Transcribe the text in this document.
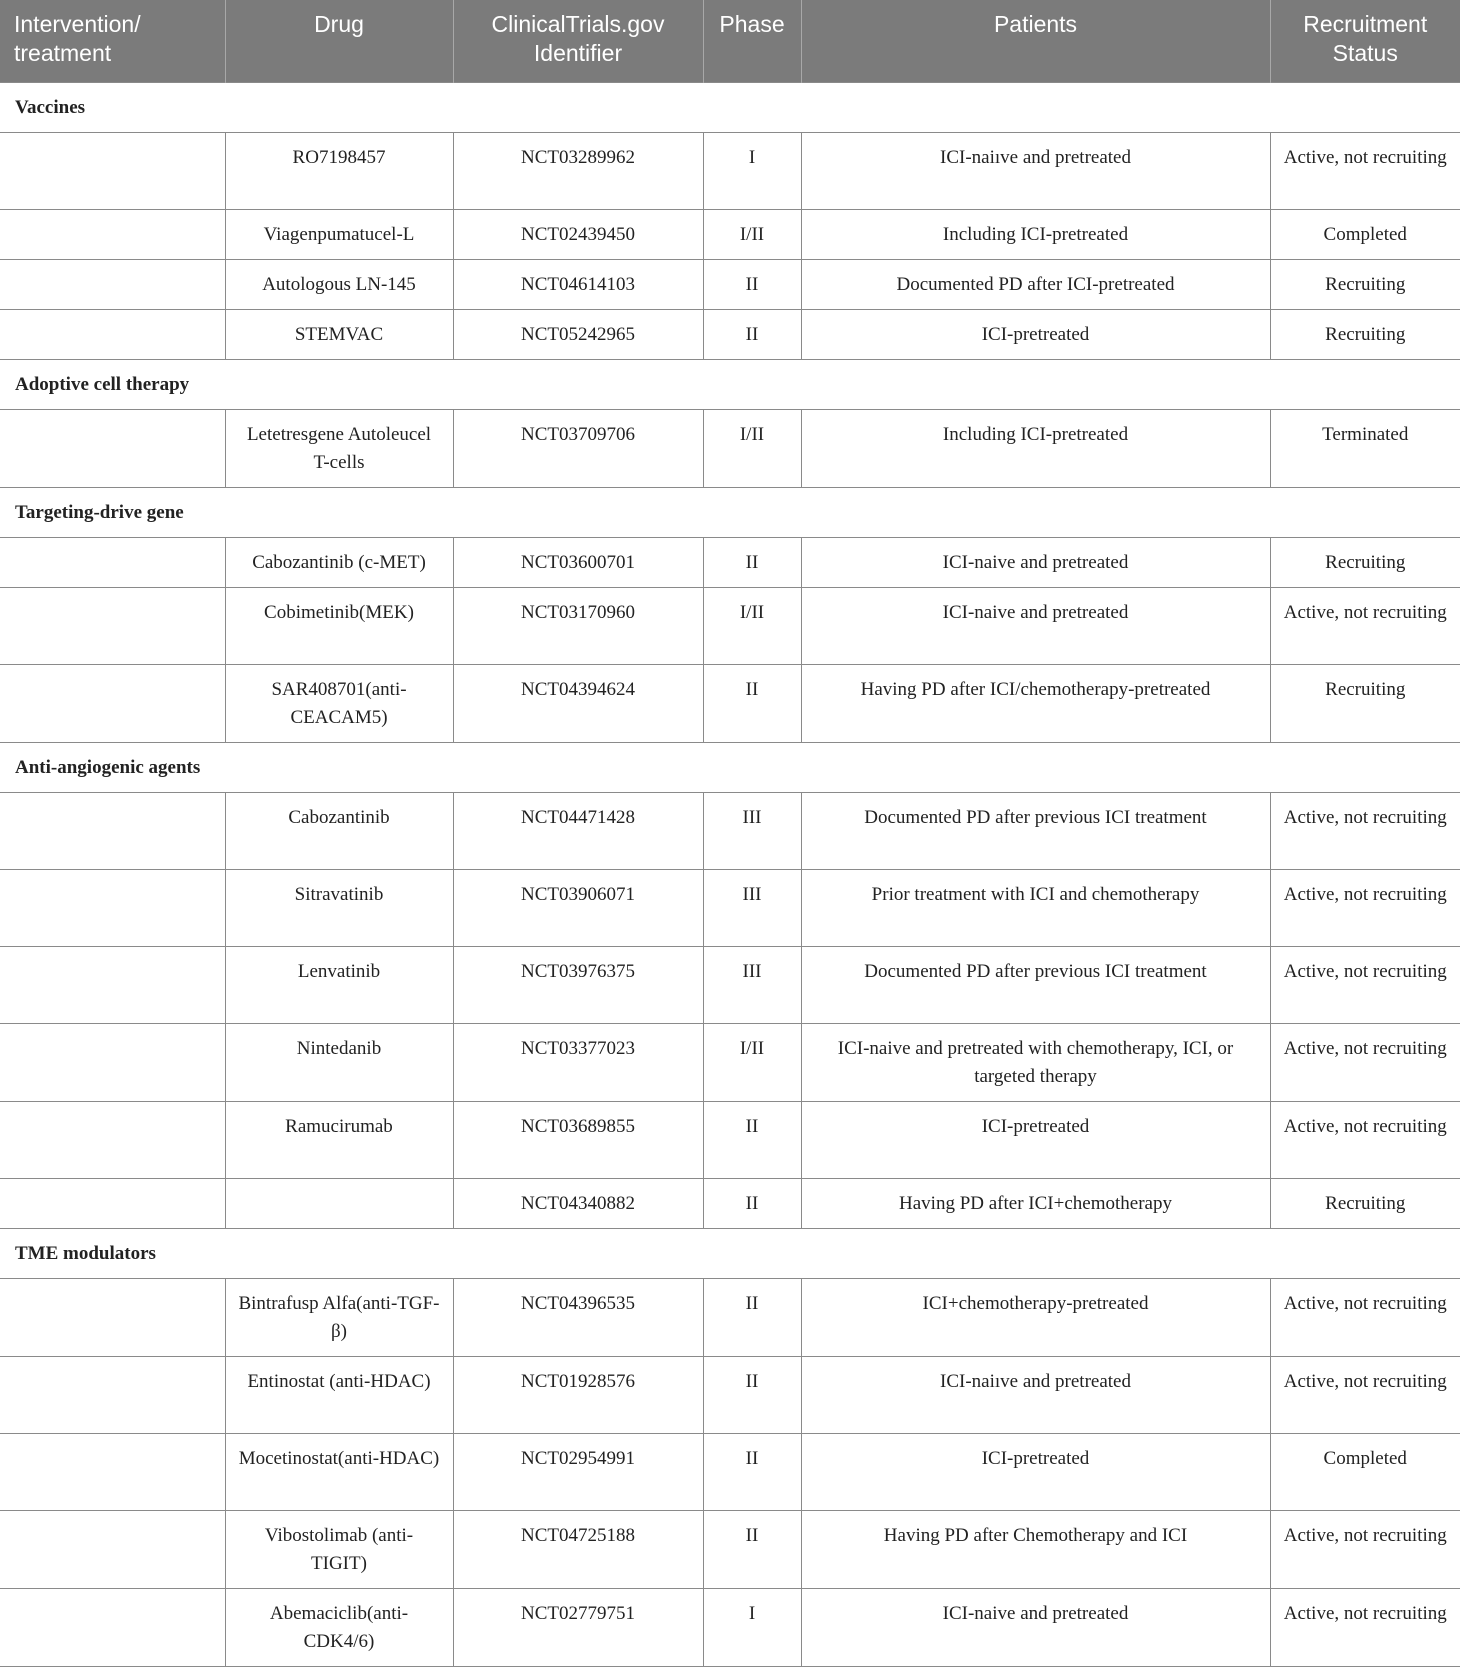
Intervention/ treatment	Drug	ClinicalTrials.gov Identifier	Phase	Patients	Recruitment Status
Vaccines					
	RO7198457	NCT03289962	I	ICI-naiıve and pretreated	Active, not recruiting
	Viagenpumatucel-L	NCT02439450	I/II	Including ICI-pretreated	Completed
	Autologous LN-145	NCT04614103	II	Documented PD after ICI-pretreated	Recruiting
	STEMVAC	NCT05242965	II	ICI-pretreated	Recruiting
Adoptive cell therapy					
	Letetresgene Autoleucel T-cells	NCT03709706	I/II	Including ICI-pretreated	Terminated
Targeting-drive gene					
	Cabozantinib (c-MET)	NCT03600701	II	ICI-naive and pretreated	Recruiting
	Cobimetinib(MEK)	NCT03170960	I/II	ICI-naive and pretreated	Active, not recruiting
	SAR408701(anti-CEACAM5)	NCT04394624	II	Having PD after ICI/chemotherapy-pretreated	Recruiting
Anti-angiogenic agents					
	Cabozantinib	NCT04471428	III	Documented PD after previous ICI treatment	Active, not recruiting
	Sitravatinib	NCT03906071	III	Prior treatment with ICI and chemotherapy	Active, not recruiting
	Lenvatinib	NCT03976375	III	Documented PD after previous ICI treatment	Active, not recruiting
	Nintedanib	NCT03377023	I/II	ICI-naive and pretreated with chemotherapy, ICI, or targeted therapy	Active, not recruiting
	Ramucirumab	NCT03689855	II	ICI-pretreated	Active, not recruiting
		NCT04340882	II	Having PD after ICI+chemotherapy	Recruiting
TME modulators					
	Bintrafusp Alfa(anti-TGF-β)	NCT04396535	II	ICI+chemotherapy-pretreated	Active, not recruiting
	Entinostat (anti-HDAC)	NCT01928576	II	ICI-naiıve and pretreated	Active, not recruiting
	Mocetinostat(anti-HDAC)	NCT02954991	II	ICI-pretreated	Completed
	Vibostolimab (anti-TIGIT)	NCT04725188	II	Having PD after Chemotherapy and ICI	Active, not recruiting
	Abemaciclib(anti-CDK4/6)	NCT02779751	I	ICI-naive and pretreated	Active, not recruiting
